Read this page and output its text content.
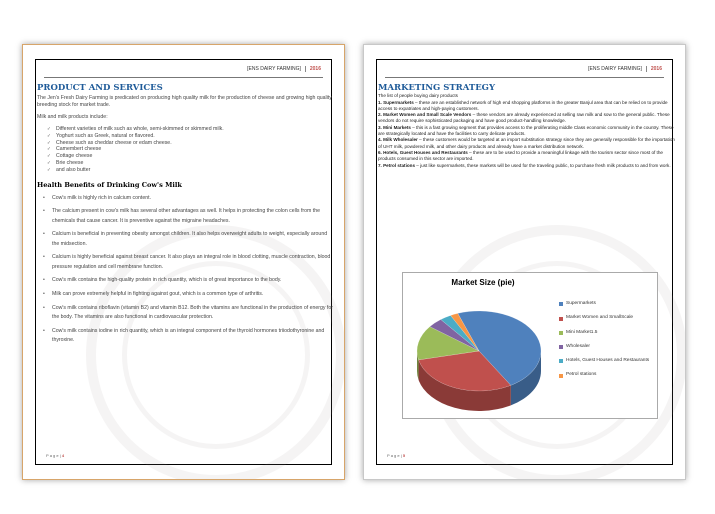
[ENS DAIRY FARMING]	2016
P a g e | 4
PRODUCT AND SERVICES

The Jen's Fresh Dairy Farming is predicated on producing high quality milk for the production of cheese and growing high quality breeding stock for market trade.

Milk and milk products include:

✓ Different varieties of milk such as whole, semi-skimmed or skimmed milk.
✓ Yoghurt such as Greek, natural or flavored.
✓ Cheese such as cheddar cheese or edam cheese.
✓ Camembert cheese
✓ Cottage cheese
✓ Brie cheese
✓ and also butter
Health Benefits of Drinking Cow's Milk
• Cow's milk is highly rich in calcium content.
• The calcium present in cow's milk has several other advantages as well. It helps in protecting the colon cells from the chemicals that cause cancer. It is preventive against the migraine headaches.
• Calcium is beneficial in preventing obesity amongst children. It also helps overweight adults to weight, especially around the midsection.
• Calcium is highly beneficial against breast cancer. It also plays an integral role in blood clotting, muscle contraction, blood pressure regulation and cell membrane function.
• Cow's milk contains the high-quality protein in rich quantity, which is of great importance to the body.
• Milk can prove extremely helpful in fighting against gout, which is a common type of arthritis.
• Cow's milk contains riboflavin (vitamin B2) and vitamin B12. Both the vitamins are functional in the production of energy for the body. The vitamins are also functional in cardiovascular protection.
• Cow's milk contains iodine in rich quantity, which is an integral component of the thyroid hormones triiodothyronine and thyroxine.
[ENS DAIRY FARMING]	2016
P a g e | 5
MARKETING STRATEGY

The list of people buying dairy products

1. Supermarkets – these are an established network of high end shopping platforms in the greater Banjul area that can be relied on to provide access to expatriates and high-paying customers.

2. Market Women and Small Scale Vendors – these vendors are already experienced at selling raw milk and sow to the general public. These vendors do not require sophisticated packaging and have good product-handling knowledge.

3. Mini Markets – this is a fast growing segment that provides access to the proliferating middle Class economic community in the country. These are strategically located and have the facilities to carry delicate products.

4. Milk Wholesaler – these customers would be targeted at an import substitution strategy since they are generally responsible for the importation of UHT milk, powdered milk, and other dairy products and already have a market distribution network.

6. Hotels, Guest Houses and Restaurants – these are to be used to provide a meaningful linkage with the tourism sector since most of the products consumed in this sector are imported.

7. Petrol stations – just like supermarkets, these markets will be used for the traveling public, to purchase fresh milk products to and from work.

Market Size (pie)
Supermarkets
Market Women and SmallScale
Mini Market1.5
Wholesaler
Hotels, Guest Houses and Restaurants
Petrol stations
